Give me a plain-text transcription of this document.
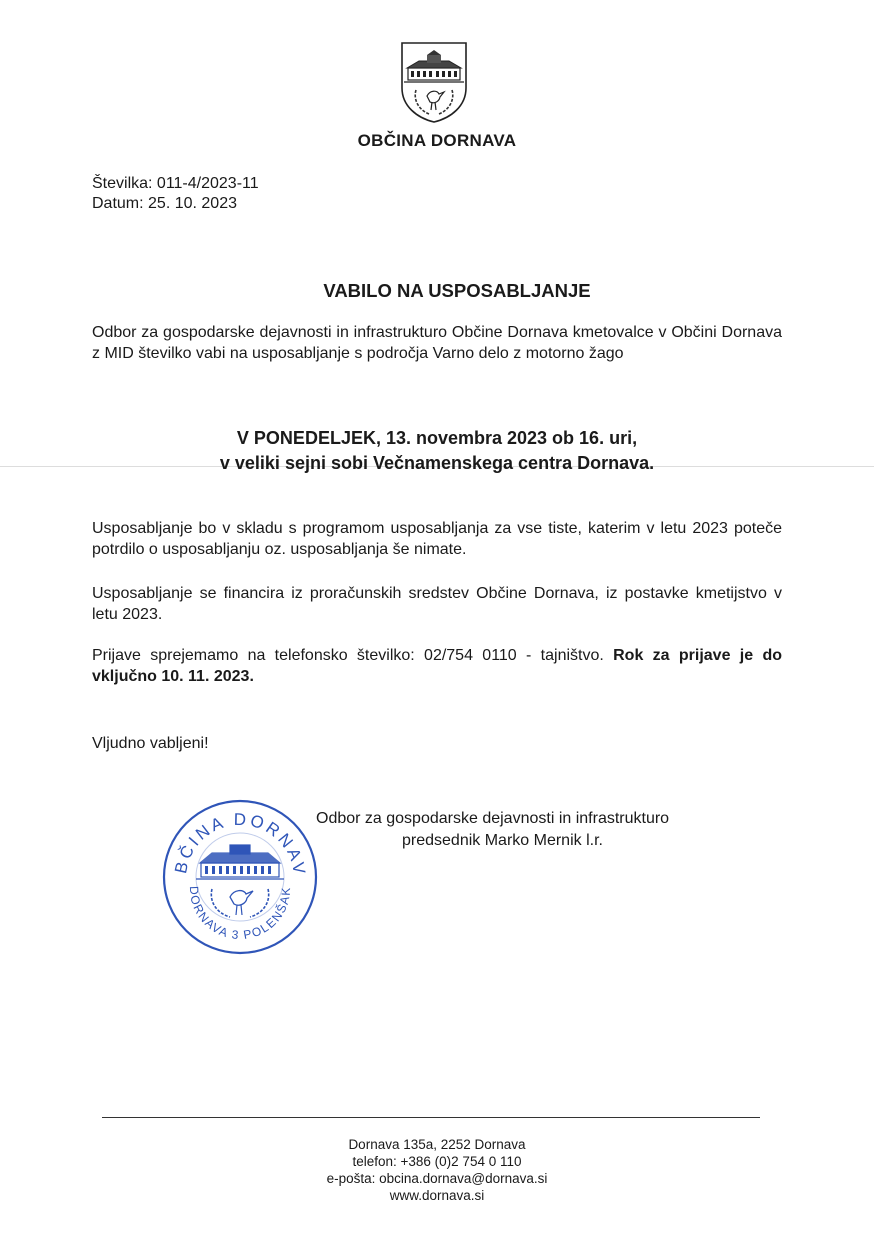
OBČINA DORNAVA
Številka: 011-4/2023-11
Datum: 25. 10. 2023
VABILO NA USPOSABLJANJE
Odbor za gospodarske dejavnosti in infrastrukturo Občine Dornava kmetovalce v Občini Dornava z MID številko vabi na usposabljanje s področja Varno delo z motorno žago
V PONEDELJEK, 13. novembra 2023 ob 16. uri,
v veliki sejni sobi Večnamenskega centra Dornava.
Usposabljanje bo v skladu s programom usposabljanja za vse tiste, katerim v letu 2023 poteče potrdilo o usposabljanju oz. usposabljanja še nimate.
Usposabljanje se financira iz proračunskih sredstev Občine Dornava, iz postavke kmetijstvo v letu 2023.
Prijave sprejemamo na telefonsko številko: 02/754 0110 - tajništvo. Rok za prijave je do vključno 10. 11. 2023.
Vljudno vabljeni!
BČINA DORNAV
DORNAVA 3 POLENŠAK
Odbor za gospodarske dejavnosti in infrastrukturo
predsednik Marko Mernik l.r.
Dornava 135a, 2252 Dornava
telefon: +386 (0)2 754 0 110
e-pošta: obcina.dornava@dornava.si
www.dornava.si
